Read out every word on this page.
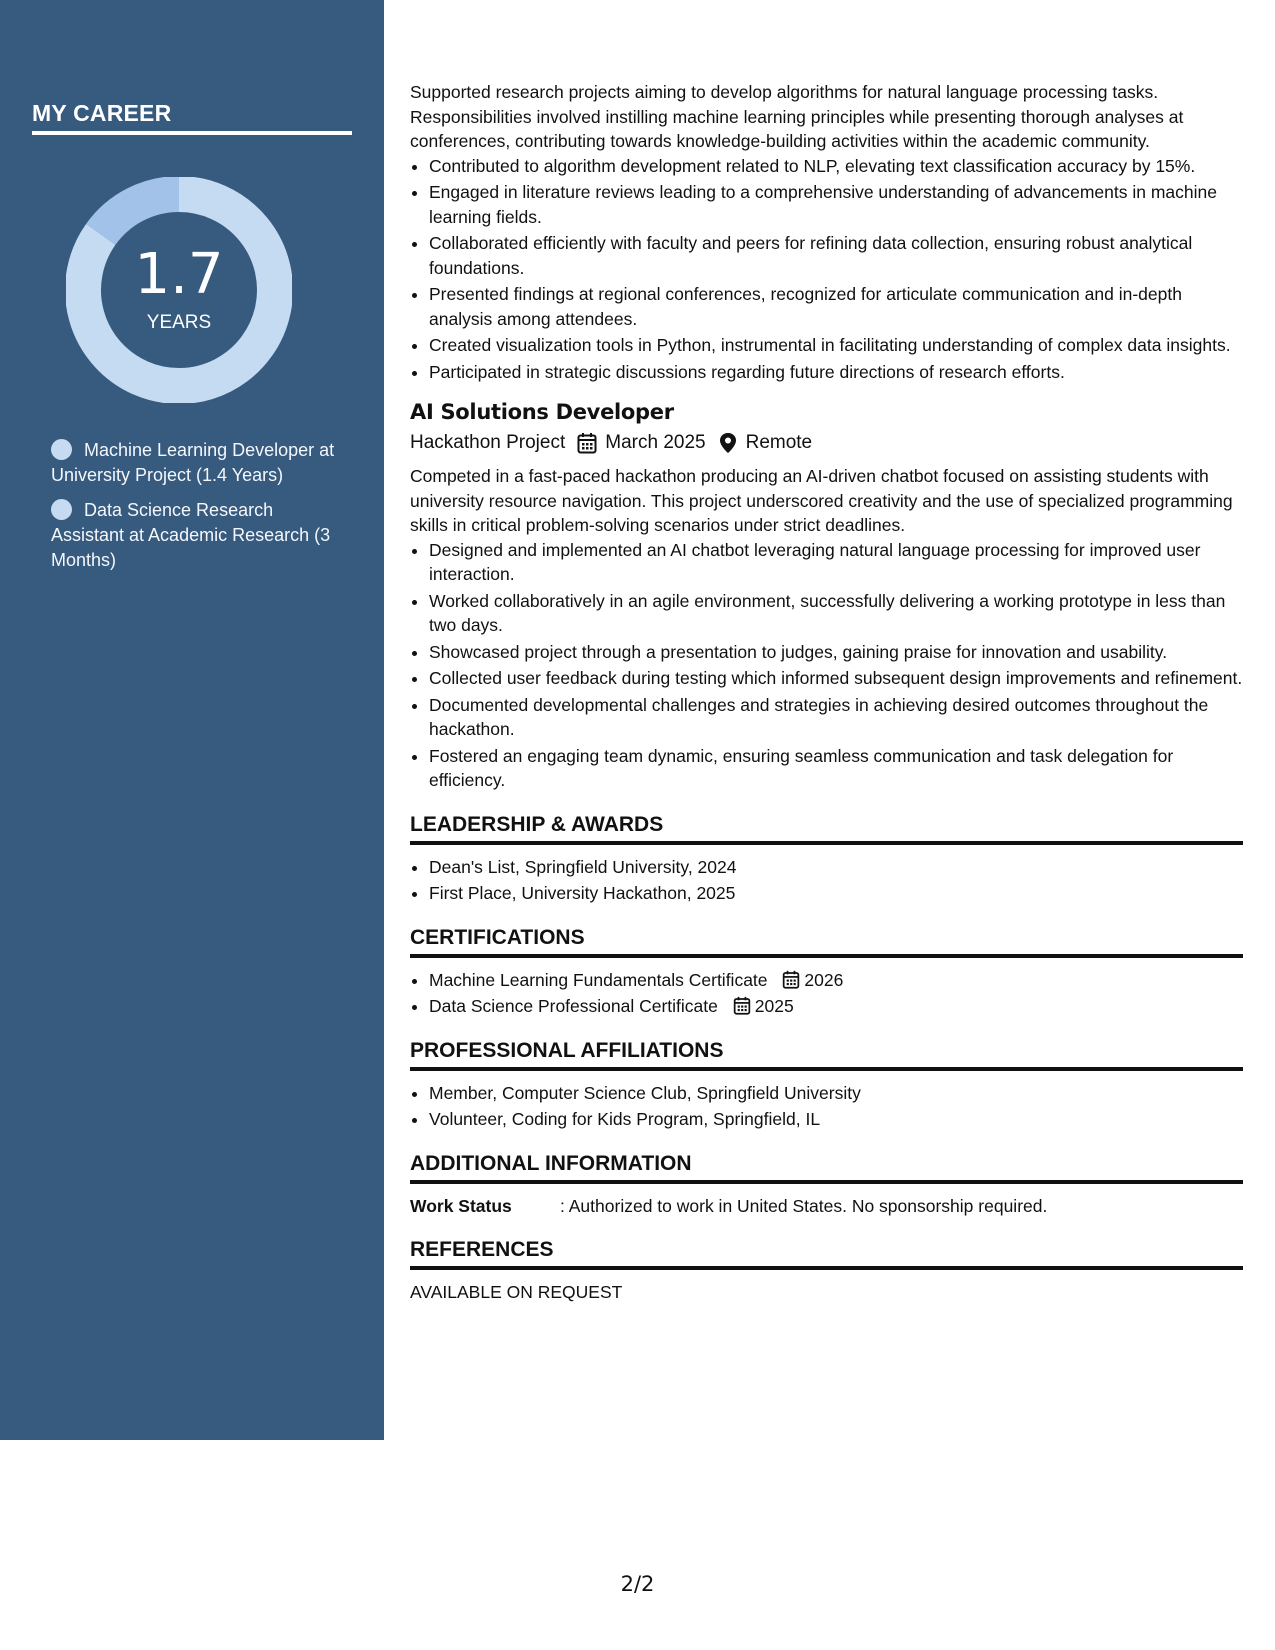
MY CAREER
1.7
YEARS
Machine Learning Developer at University Project (1.4 Years)
Data Science Research Assistant at Academic Research (3 Months)

Supported research projects aiming to develop algorithms for natural language processing tasks. Responsibilities involved instilling machine learning principles while presenting thorough analyses at conferences, contributing towards knowledge-building activities within the academic community.

• Contributed to algorithm development related to NLP, elevating text classification accuracy by 15%.
• Engaged in literature reviews leading to a comprehensive understanding of advancements in machine learning fields.
• Collaborated efficiently with faculty and peers for refining data collection, ensuring robust analytical foundations.
• Presented findings at regional conferences, recognized for articulate communication and in-depth analysis among attendees.
• Created visualization tools in Python, instrumental in facilitating understanding of complex data insights.
• Participated in strategic discussions regarding future directions of research efforts.
AI Solutions Developer
Hackathon Project March 2025 Remote

Competed in a fast-paced hackathon producing an AI-driven chatbot focused on assisting students with university resource navigation. This project underscored creativity and the use of specialized programming skills in critical problem-solving scenarios under strict deadlines.

• Designed and implemented an AI chatbot leveraging natural language processing for improved user interaction.
• Worked collaboratively in an agile environment, successfully delivering a working prototype in less than two days.
• Showcased project through a presentation to judges, gaining praise for innovation and usability.
• Collected user feedback during testing which informed subsequent design improvements and refinement.
• Documented developmental challenges and strategies in achieving desired outcomes throughout the hackathon.
• Fostered an engaging team dynamic, ensuring seamless communication and task delegation for efficiency.
LEADERSHIP & AWARDS
• Dean's List, Springfield University, 2024
• First Place, University Hackathon, 2025
CERTIFICATIONS
• Machine Learning Fundamentals Certificate 2026
• Data Science Professional Certificate 2025
PROFESSIONAL AFFILIATIONS
• Member, Computer Science Club, Springfield University
• Volunteer, Coding for Kids Program, Springfield, IL
ADDITIONAL INFORMATION
Work Status	: Authorized to work in United States. No sponsorship required.
REFERENCES
AVAILABLE ON REQUEST
2/2
